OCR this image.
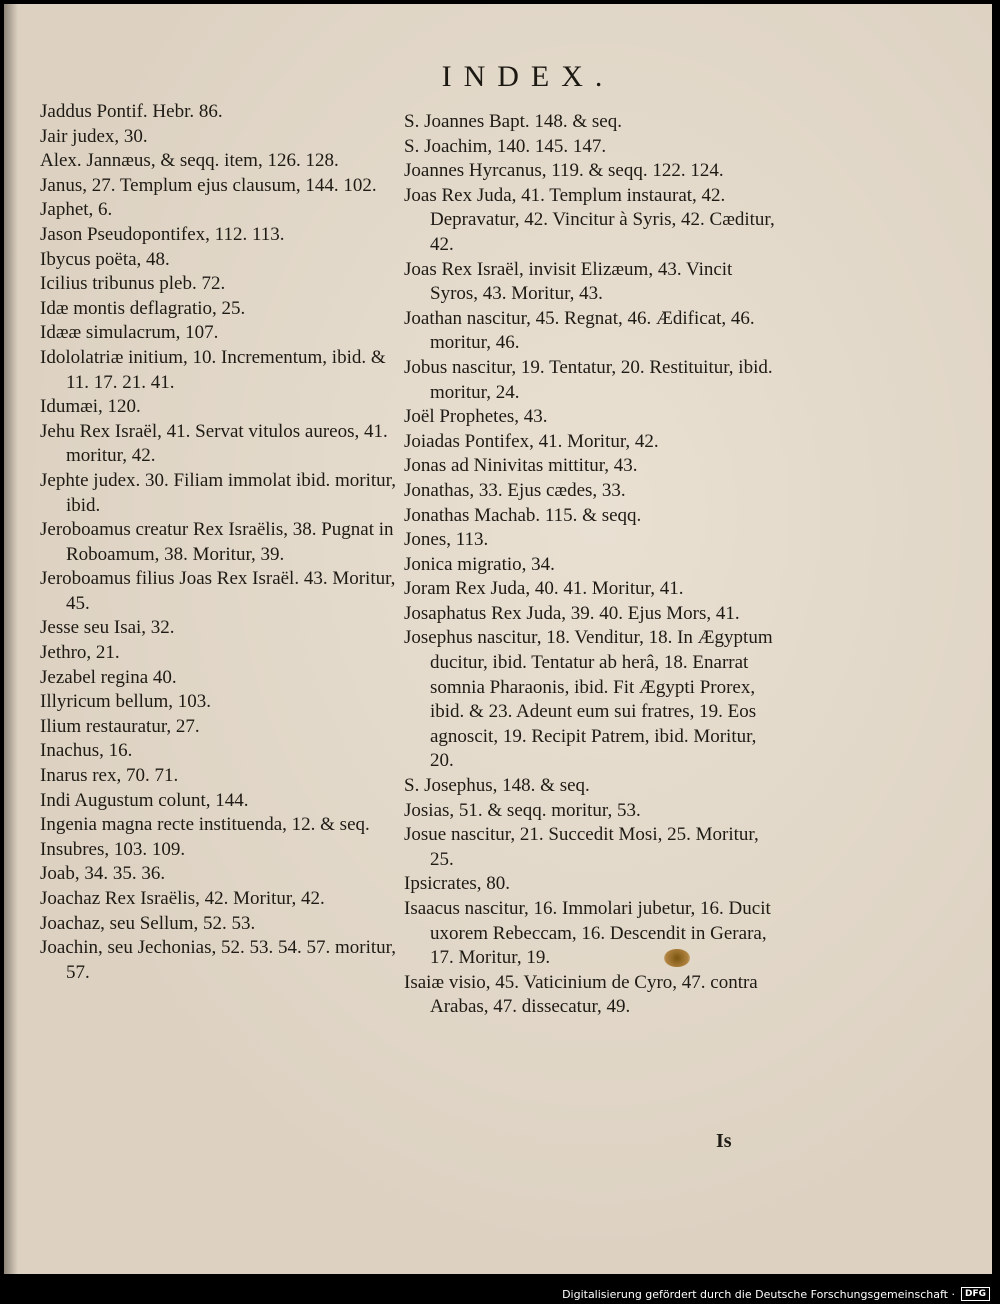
INDEX.
Jaddus Pontif. Hebr. 86.
Jair judex, 30.
Alex. Jannæus, & seqq. item, 126. 128.
Janus, 27. Templum ejus clausum, 144. 102.
Japhet, 6.
Jason Pseudopontifex, 112. 113.
Ibycus poëta, 48.
Icilius tribunus pleb. 72.
Idæ montis deflagratio, 25.
Idææ simulacrum, 107.
Idololatriæ initium, 10. Incrementum, ibid. & 11. 17. 21. 41.
Idumæi, 120.
Jehu Rex Israël, 41. Servat vitulos aureos, 41. moritur, 42.
Jephte judex. 30. Filiam immolat ibid. moritur, ibid.
Jeroboamus creatur Rex Israëlis, 38. Pugnat in Roboamum, 38. Moritur, 39.
Jeroboamus filius Joas Rex Israël. 43. Moritur, 45.
Jesse seu Isai, 32.
Jethro, 21.
Jezabel regina 40.
Illyricum bellum, 103.
Ilium restauratur, 27.
Inachus, 16.
Inarus rex, 70. 71.
Indi Augustum colunt, 144.
Ingenia magna recte instituenda, 12. & seq.
Insubres, 103. 109.
Joab, 34. 35. 36.
Joachaz Rex Israëlis, 42. Moritur, 42.
Joachaz, seu Sellum, 52. 53.
Joachin, seu Jechonias, 52. 53. 54. 57. moritur, 57.
S. Joannes Bapt. 148. & seq.
S. Joachim, 140. 145. 147.
Joannes Hyrcanus, 119. & seqq. 122. 124.
Joas Rex Juda, 41. Templum instaurat, 42. Depravatur, 42. Vincitur à Syris, 42. Cæditur, 42.
Joas Rex Israël, invisit Elizæum, 43. Vincit Syros, 43. Moritur, 43.
Joathan nascitur, 45. Regnat, 46. Ædificat, 46. moritur, 46.
Jobus nascitur, 19. Tentatur, 20. Restituitur, ibid. moritur, 24.
Joël Prophetes, 43.
Joiadas Pontifex, 41. Moritur, 42.
Jonas ad Ninivitas mittitur, 43.
Jonathas, 33. Ejus cædes, 33.
Jonathas Machab. 115. & seqq.
Jones, 113.
Jonica migratio, 34.
Joram Rex Juda, 40. 41. Moritur, 41.
Josaphatus Rex Juda, 39. 40. Ejus Mors, 41.
Josephus nascitur, 18. Venditur, 18. In Ægyptum ducitur, ibid. Tentatur ab herâ, 18. Enarrat somnia Pharaonis, ibid. Fit Ægypti Prorex, ibid. & 23. Adeunt eum sui fratres, 19. Eos agnoscit, 19. Recipit Patrem, ibid. Moritur, 20.
S. Josephus, 148. & seq.
Josias, 51. & seqq. moritur, 53.
Josue nascitur, 21. Succedit Mosi, 25. Moritur, 25.
Ipsicrates, 80.
Isaacus nascitur, 16. Immolari jubetur, 16. Ducit uxorem Rebeccam, 16. Descendit in Gerara, 17. Moritur, 19.
Isaiæ visio, 45. Vaticinium de Cyro, 47. contra Arabas, 47. dissecatur, 49.
Is
Digitalisierung gefördert durch die Deutsche Forschungsgemeinschaft ·	DFG
